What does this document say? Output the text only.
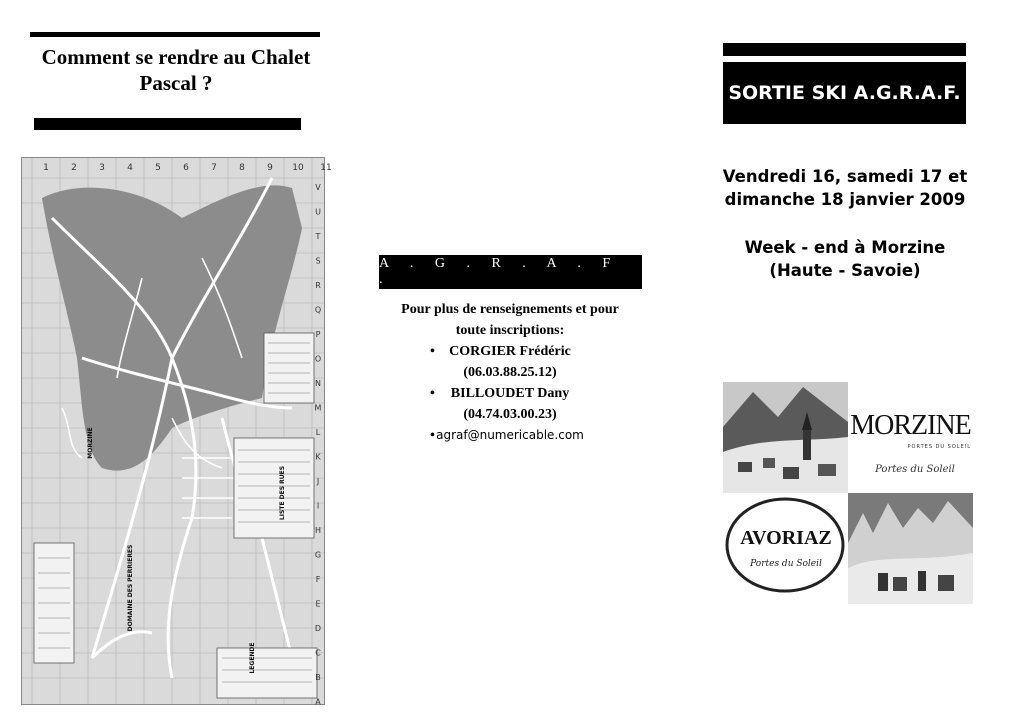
Comment se rendre au Chalet
Pascal ?
1 2 3 4 5 6 7 8 9 10 11
V
U
T
S
R
Q
P
O
N
M
L
K
J
I
H
G
F
E
D
C
B
A
MORZINE
DOMAINE DES PERRIERES
LISTE DES RUES
LEGENDE
A . G . R . A . F .
Pour plus de renseignements et pour
toute inscriptions:
•	CORGIER Frédéric
(06.03.88.25.12)
•	BILLOUDET Dany
(04.74.03.00.23)
• agraf@numericable.com
SORTIE SKI A.G.R.A.F.
Vendredi 16, samedi 17 et
dimanche 18 janvier 2009
Week - end à Morzine
(Haute - Savoie)
MORZINE
PORTES DU SOLEIL
Portes du Soleil
AVORIAZ
Portes du Soleil
